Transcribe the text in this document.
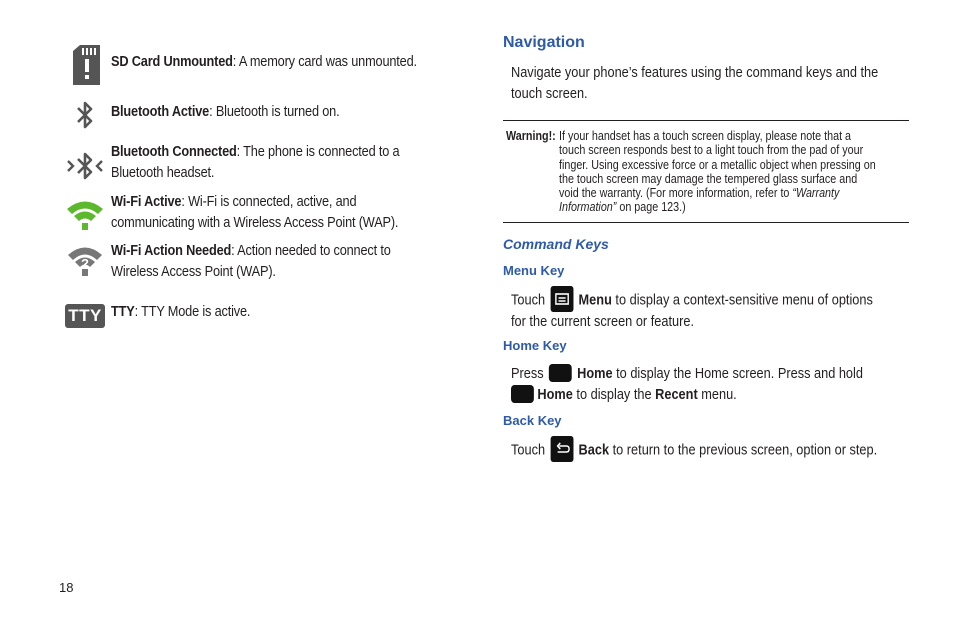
SD Card Unmounted: A memory card was unmounted.
Bluetooth Active: Bluetooth is turned on.
Bluetooth Connected: The phone is connected to a
Bluetooth headset.
Wi-Fi Active: Wi-Fi is connected, active, and
communicating with a Wireless Access Point (WAP).
?
Wi-Fi Action Needed: Action needed to connect to
Wireless Access Point (WAP).
TTY TTY: TTY Mode is active.
Navigation
Navigate your phone’s features using the command keys and the
touch screen.
Warning!: If your handset has a touch screen display, please note that a
touch screen responds best to a light touch from the pad of your
finger. Using excessive force or a metallic object when pressing on
the touch screen may damage the tempered glass surface and
void the warranty. (For more information, refer to “Warranty
Information” on page 123.)
Command Keys
Menu Key
Touch Menu to display a context-sensitive menu of options
for the current screen or feature.
Home Key
Press Home to display the Home screen. Press and hold
Home to display the Recent menu.
Back Key
Touch Back to return to the previous screen, option or step.
18
